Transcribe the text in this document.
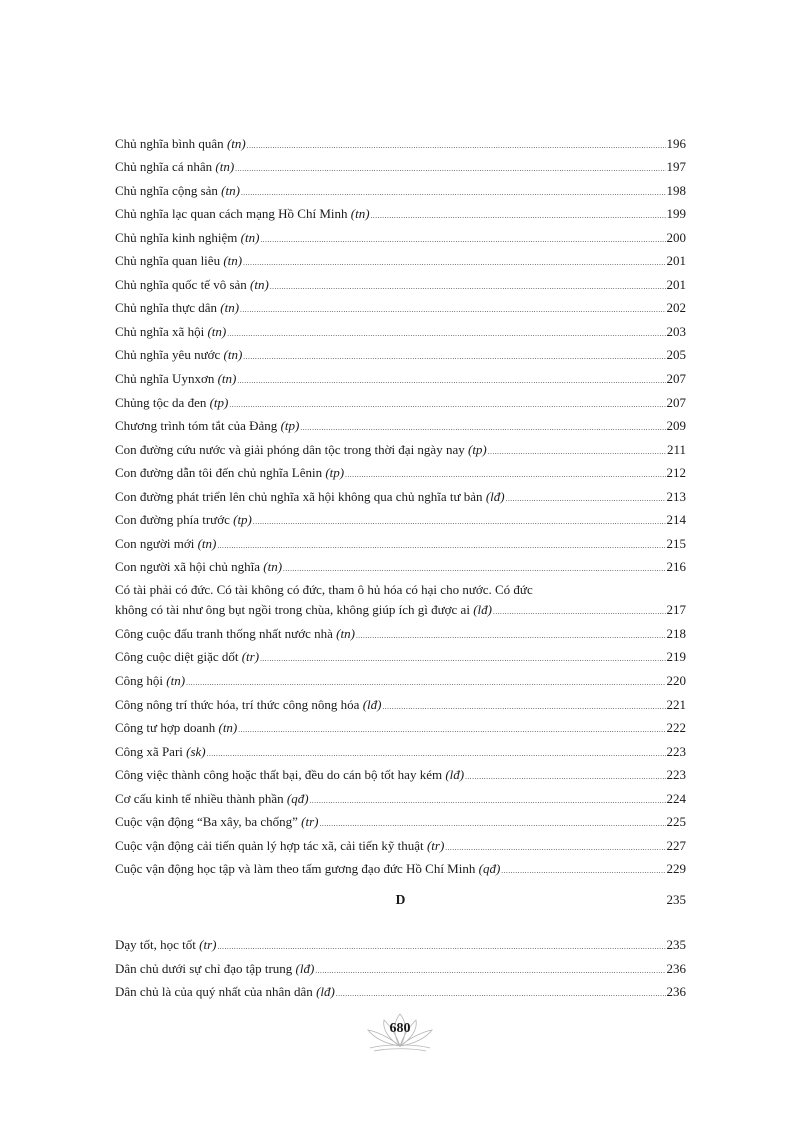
Chủ nghĩa bình quân (tn) .....	196
Chủ nghĩa cá nhân (tn) .....	197
Chủ nghĩa cộng sản (tn) .....	198
Chủ nghĩa lạc quan cách mạng Hồ Chí Minh (tn) .....	199
Chủ nghĩa kinh nghiệm (tn) .....	200
Chủ nghĩa quan liêu (tn) .....	201
Chủ nghĩa quốc tế vô sản (tn) .....	201
Chủ nghĩa thực dân (tn) .....	202
Chủ nghĩa xã hội (tn) .....	203
Chủ nghĩa yêu nước (tn) .....	205
Chủ nghĩa Uynxơn (tn) .....	207
Chủng tộc da đen (tp) .....	207
Chương trình tóm tắt của Đảng (tp) .....	209
Con đường cứu nước và giải phóng dân tộc trong thời đại ngày nay (tp) .....	211
Con đường dẫn tôi đến chủ nghĩa Lênin (tp) .....	212
Con đường phát triển lên chủ nghĩa xã hội không qua chủ nghĩa tư bản (lđ) .....	213
Con đường phía trước (tp) .....	214
Con người mới (tn) .....	215
Con người xã hội chủ nghĩa (tn) .....	216
Có tài phải có đức. Có tài không có đức, tham ô hủ hóa có hại cho nước. Có đức
không có tài như ông bụt ngồi trong chùa, không giúp ích gì được ai (lđ) .....	217
Công cuộc đấu tranh thống nhất nước nhà (tn) .....	218
Công cuộc diệt giặc dốt (tr) .....	219
Công hội (tn) .....	220
Công nông trí thức hóa, trí thức công nông hóa (lđ) .....	221
Công tư hợp doanh (tn) .....	222
Công xã Pari (sk) .....	223
Công việc thành công hoặc thất bại, đều do cán bộ tốt hay kém (lđ) .....	223
Cơ cấu kinh tế nhiều thành phần (qđ) .....	224
Cuộc vận động “Ba xây, ba chống” (tr) .....	225
Cuộc vận động cải tiến quản lý hợp tác xã, cải tiến kỹ thuật (tr) .....	227
Cuộc vận động học tập và làm theo tấm gương đạo đức Hồ Chí Minh (qđ) .....	229
D	235
Dạy tốt, học tốt (tr) .....	235
Dân chủ dưới sự chỉ đạo tập trung (lđ) .....	236
Dân chủ là của quý nhất của nhân dân (lđ) .....	236
680
